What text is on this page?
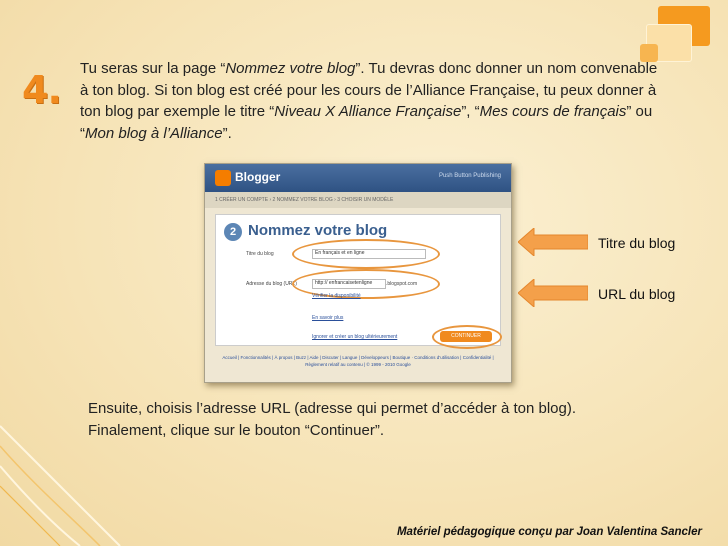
4. Tu seras sur la page “Nommez votre blog”. Tu devras donc donner un nom convenable à ton blog. Si ton blog est créé pour les cours de l’Alliance Française, tu peux donner à ton blog par exemple le titre “Niveau X Alliance Française”, “Mes cours de français” ou “Mon blog à l’Alliance”.
Blogger	Push Button Publishing
1 CRÉER UN COMPTE › 2 NOMMEZ VOTRE BLOG › 3 CHOISIR UN MODÈLE
2 Nommez votre blog
Titre du blog	En français et en ligne
Adresse du blog (URL)	http:// enfrancaisetenligne	.blogspot.com
Vérifier la disponibilité
En savoir plus
Ignorer et créer un blog ultérieurement	CONTINUER
Accueil | Fonctionnalités | À propos | Buzz | Aide | Discuter | Langue | Développeurs | Boutique · Conditions d’utilisation | Confidentialité | Règlement relatif au contenu | © 1999 - 2010 Google
Titre du blog
URL du blog
Ensuite, choisis l’adresse URL (adresse qui permet d’accéder à ton blog).
Finalement, clique sur le bouton “Continuer”.
Matériel pédagogique conçu par Joan Valentina Sancler
